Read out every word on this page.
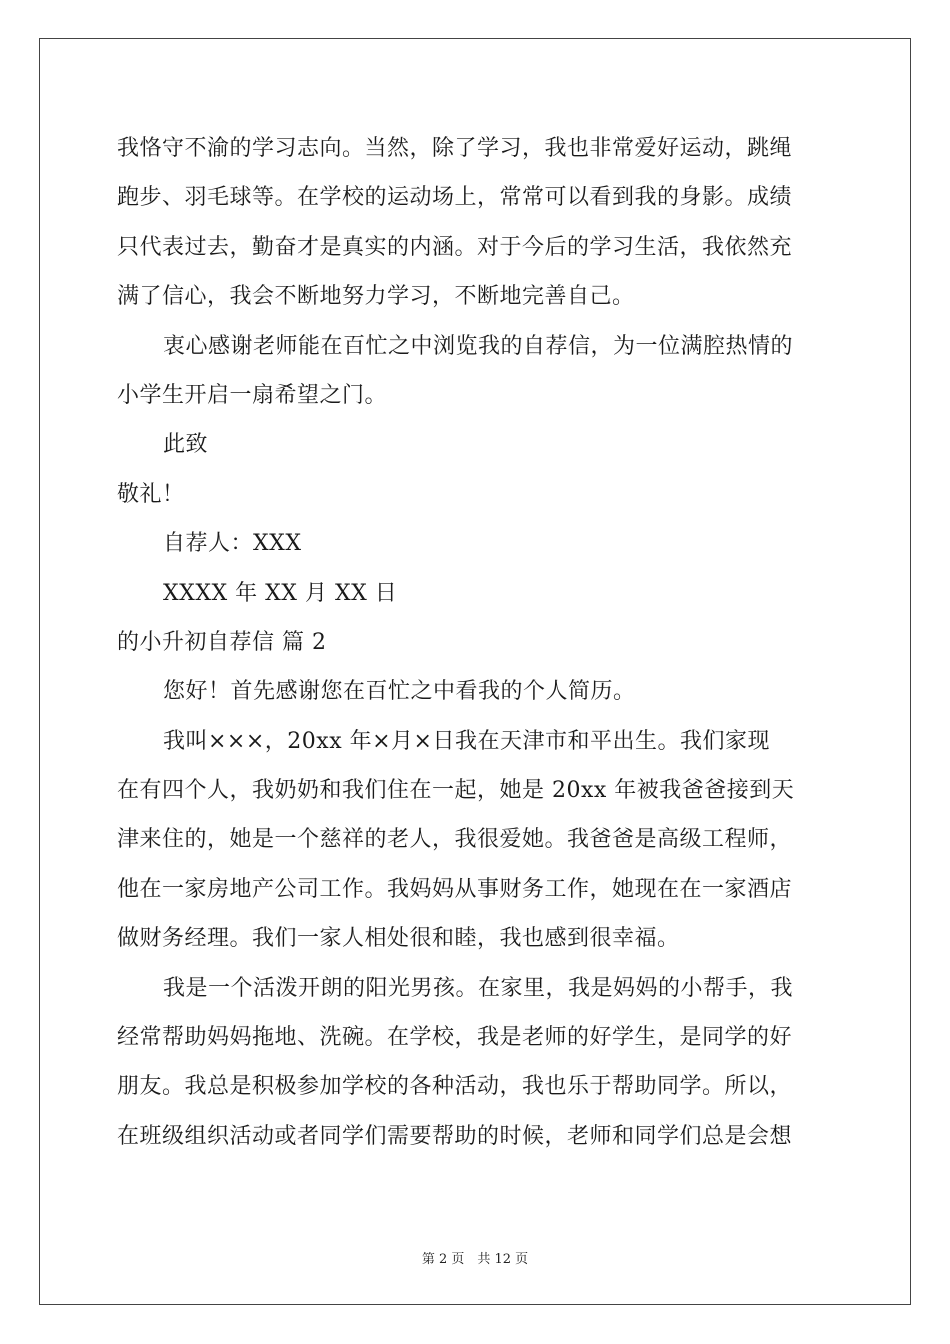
我恪守不渝的学习志向。当然，除了学习，我也非常爱好运动，跳绳

跑步、羽毛球等。在学校的运动场上，常常可以看到我的身影。成绩

只代表过去，勤奋才是真实的内涵。对于今后的学习生活，我依然充

满了信心，我会不断地努力学习，不断地完善自己。

衷心感谢老师能在百忙之中浏览我的自荐信，为一位满腔热情的

小学生开启一扇希望之门。

此致

敬礼！

自荐人：XXX

XXXX 年 XX 月 XX 日

的小升初自荐信 篇 2

您好！首先感谢您在百忙之中看我的个人简历。

我叫×××，20xx 年×月×日我在天津市和平出生。我们家现

在有四个人，我奶奶和我们住在一起，她是 20xx 年被我爸爸接到天

津来住的，她是一个慈祥的老人，我很爱她。我爸爸是高级工程师，

他在一家房地产公司工作。我妈妈从事财务工作，她现在在一家酒店

做财务经理。我们一家人相处很和睦，我也感到很幸福。

我是一个活泼开朗的阳光男孩。在家里，我是妈妈的小帮手，我

经常帮助妈妈拖地、洗碗。在学校，我是老师的好学生，是同学的好

朋友。我总是积极参加学校的各种活动，我也乐于帮助同学。所以，

在班级组织活动或者同学们需要帮助的时候，老师和同学们总是会想

第 2 页　共 12 页
